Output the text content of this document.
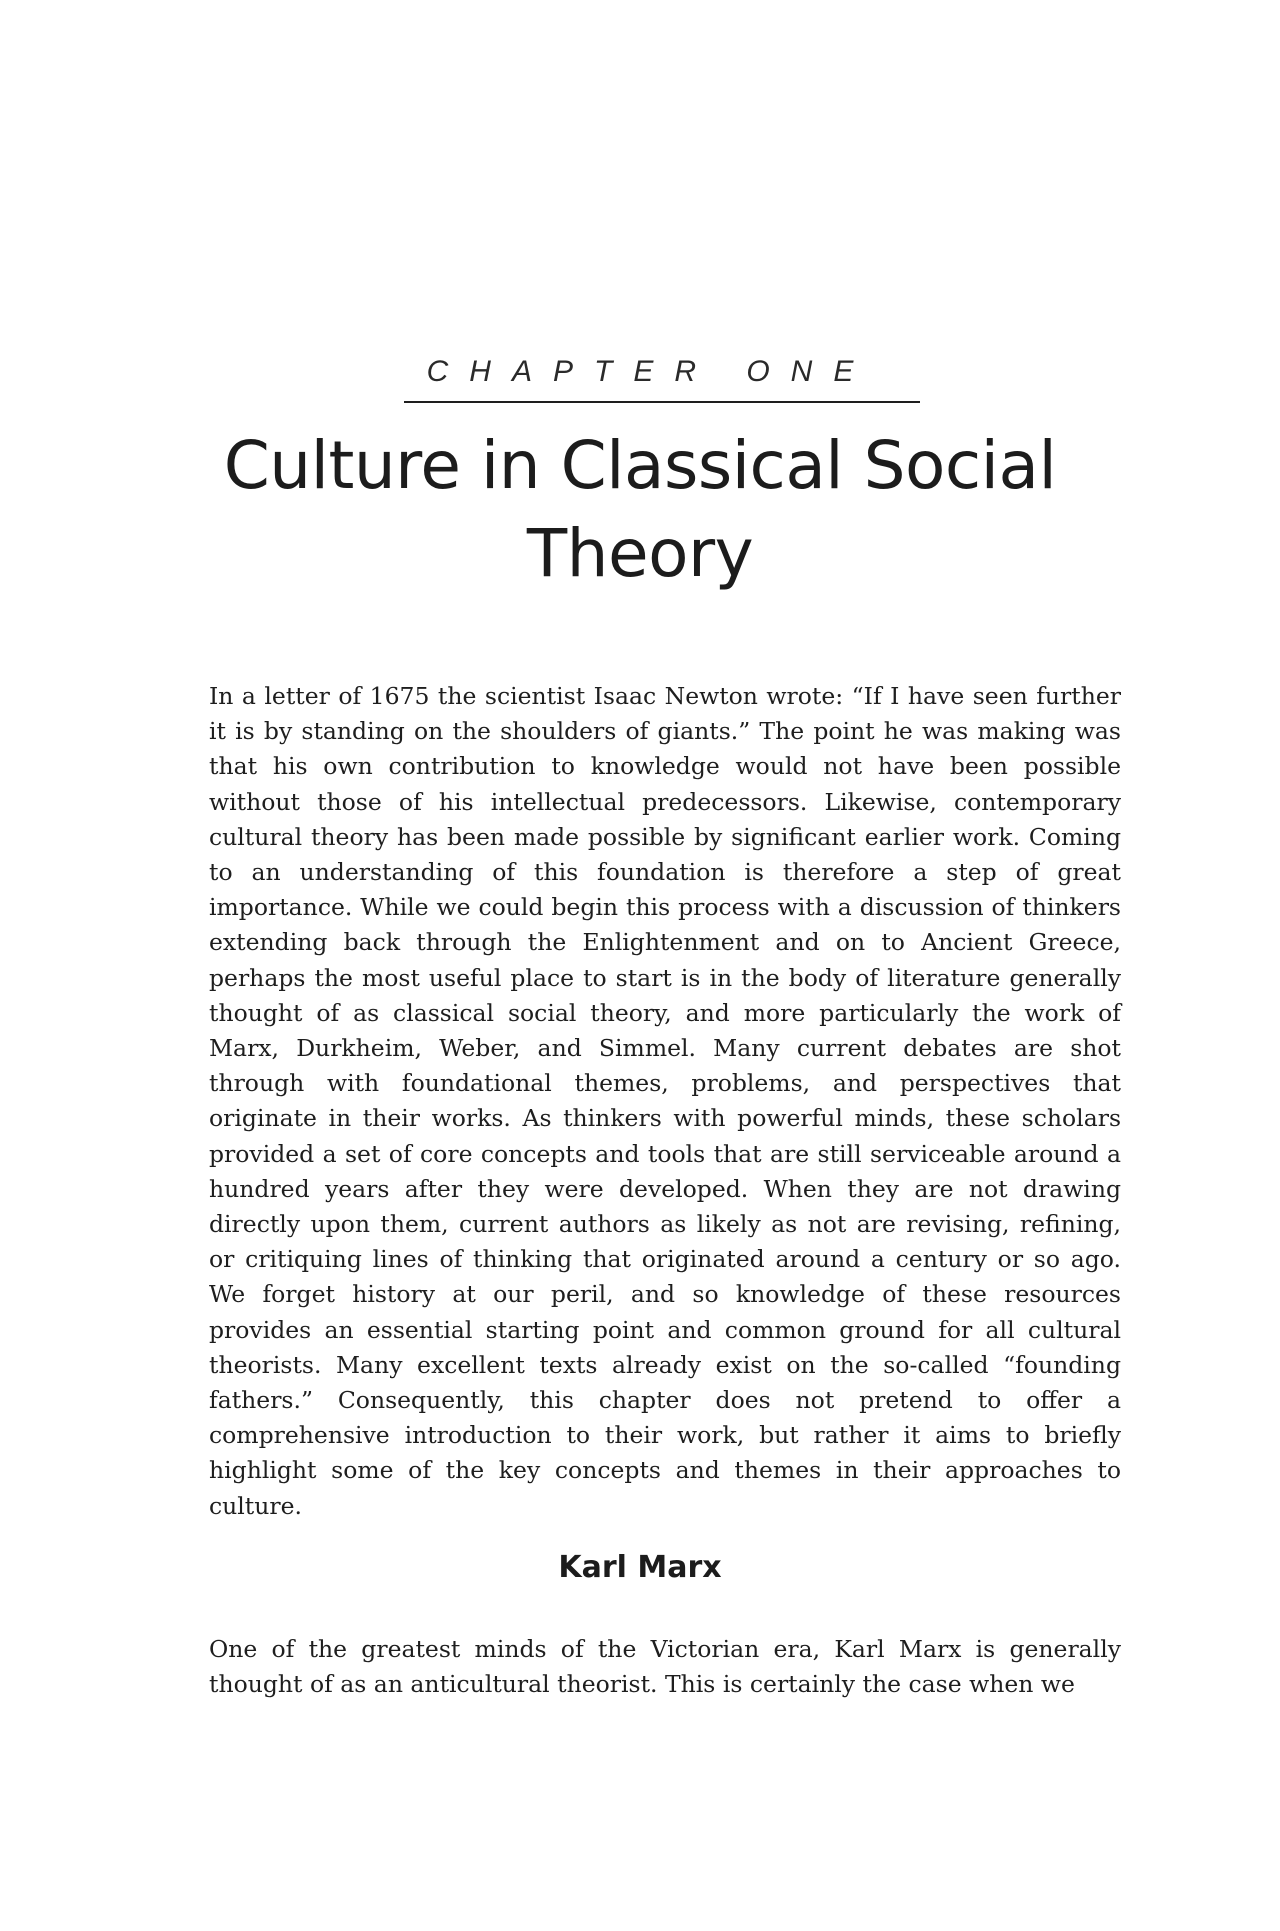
CHAPTER ONE
Culture in Classical Social Theory

In a letter of 1675 the scientist Isaac Newton wrote: “If I have seen further it is by standing on the shoulders of giants.” The point he was making was that his own contribution to knowledge would not have been possible without those of his intellectual predecessors. Likewise, contemporary cultural theory has been made possible by significant earlier work. Coming to an understanding of this foundation is therefore a step of great importance. While we could begin this process with a discussion of thinkers extending back through the Enlightenment and on to Ancient Greece, perhaps the most useful place to start is in the body of literature generally thought of as classical social theory, and more particularly the work of Marx, Durkheim, Weber, and Simmel. Many current debates are shot through with foundational themes, problems, and perspectives that originate in their works. As thinkers with powerful minds, these scholars provided a set of core concepts and tools that are still serviceable around a hundred years after they were developed. When they are not drawing directly upon them, current authors as likely as not are revising, refining, or critiquing lines of thinking that originated around a century or so ago. We forget history at our peril, and so knowledge of these resources provides an essential starting point and common ground for all cultural theorists. Many excellent texts already exist on the so-called “founding fathers.” Consequently, this chapter does not pretend to offer a comprehensive introduction to their work, but rather it aims to briefly highlight some of the key concepts and themes in their approaches to culture.

Karl Marx

One of the greatest minds of the Victorian era, Karl Marx is generally thought of as an anticultural theorist. This is certainly the case when we
